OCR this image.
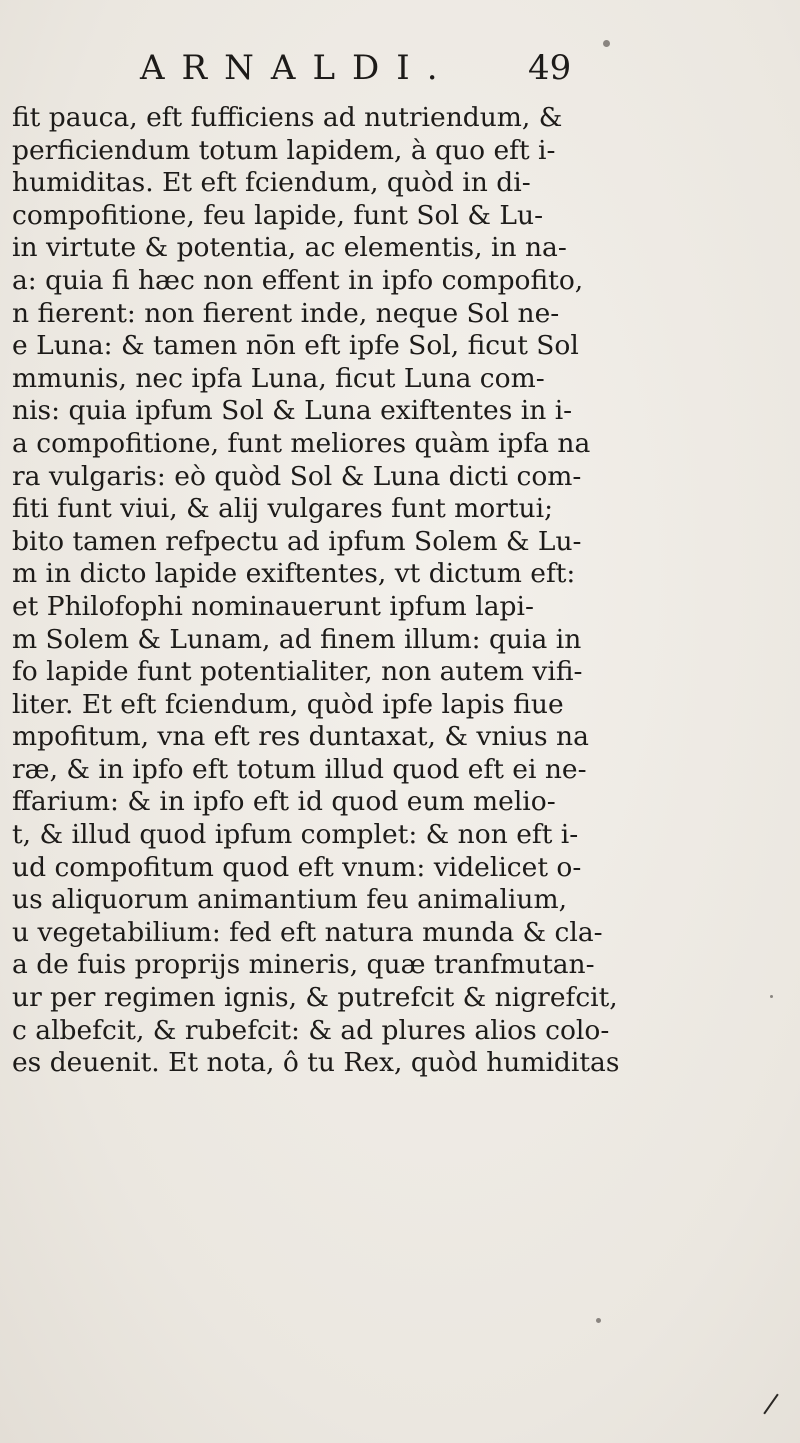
ARNALDI. 49
fit pauca, eft fufficiens ad nutriendum, &
perficiendum totum lapidem, à quo eft i-
humiditas. Et eft fciendum, quòd in di-
compofitione, feu lapide, funt Sol & Lu-
in virtute & potentia, ac elementis, in na-
a: quia fi hæc non effent in ipfo compofito,
n fierent: non fierent inde, neque Sol ne-
e Luna: & tamen nōn eft ipfe Sol, ficut Sol
mmunis, nec ipfa Luna, ficut Luna com-
nis: quia ipfum Sol & Luna exiftentes in i-
a compofitione, funt meliores quàm ipfa na
ra vulgaris: eò quòd Sol & Luna dicti com-
fiti funt viui, & alij vulgares funt mortui;
bito tamen refpectu ad ipfum Solem & Lu-
m in dicto lapide exiftentes, vt dictum eft:
et Philofophi nominauerunt ipfum lapi-
m Solem & Lunam, ad finem illum: quia in
fo lapide funt potentialiter, non autem vifi-
liter. Et eft fciendum, quòd ipfe lapis fiue
mpofitum, vna eft res duntaxat, & vnius na
ræ, & in ipfo eft totum illud quod eft ei ne-
ffarium: & in ipfo eft id quod eum melio-
t, & illud quod ipfum complet: & non eft i-
ud compofitum quod eft vnum: videlicet o-
us aliquorum animantium feu animalium,
u vegetabilium: fed eft natura munda & cla-
a de fuis proprijs mineris, quæ tranfmutan-
ur per regimen ignis, & putrefcit & nigrefcit,
c albefcit, & rubefcit: & ad plures alios colo-
es deuenit. Et nota, ô tu Rex, quòd humiditas
